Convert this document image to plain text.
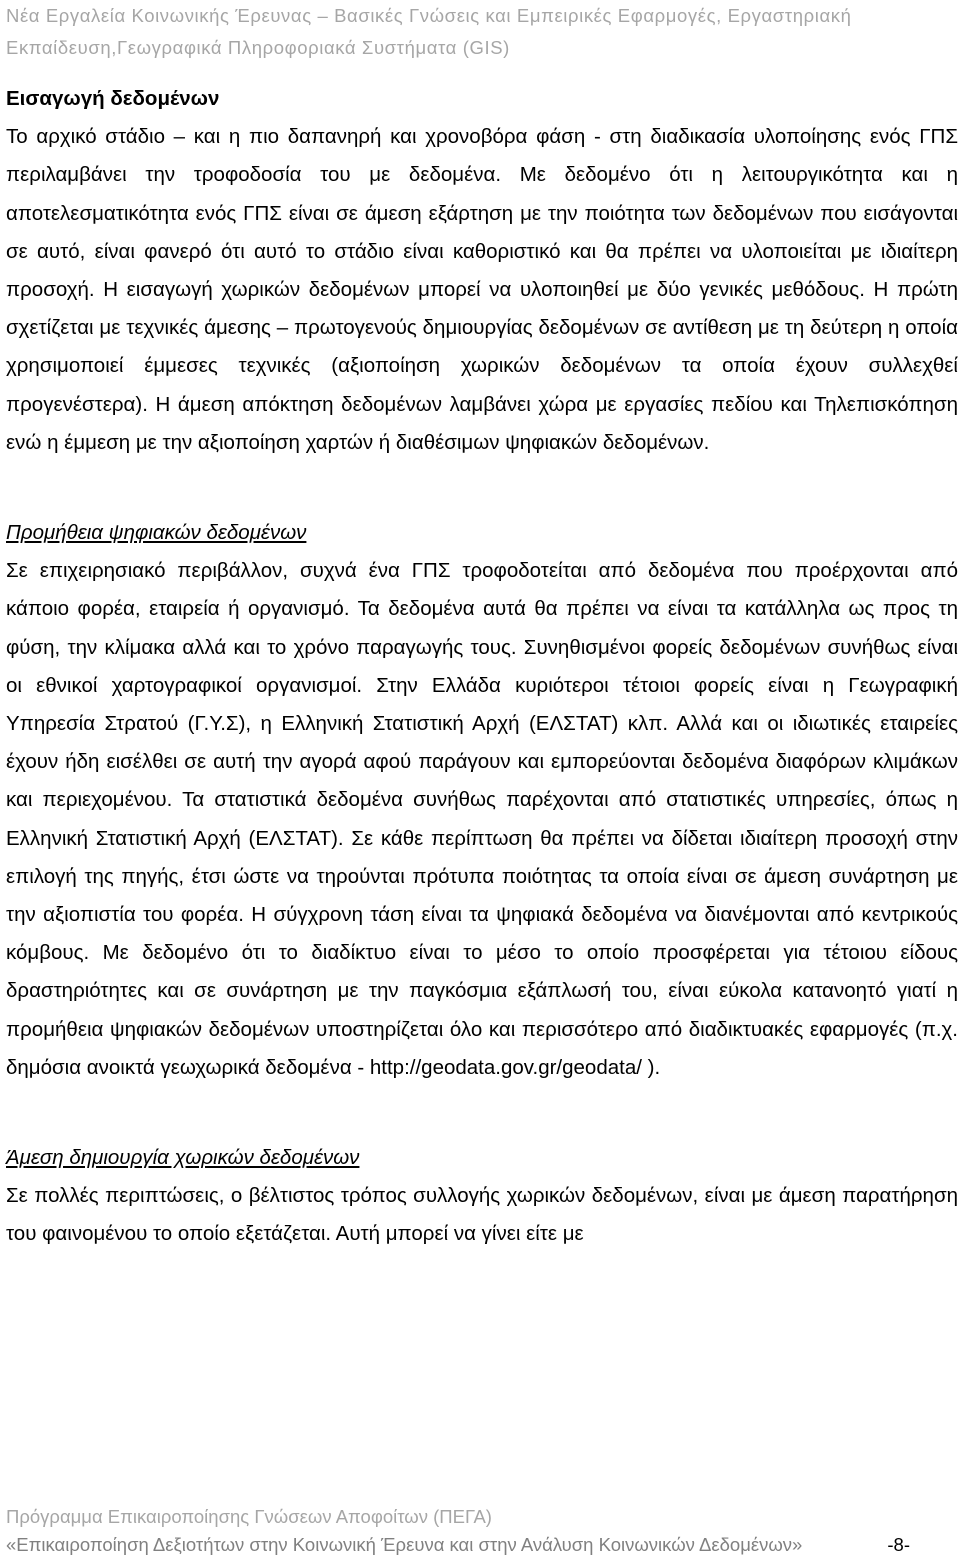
Νέα Εργαλεία Κοινωνικής Έρευνας – Βασικές Γνώσεις και Εμπειρικές Εφαρμογές, Εργαστηριακή
Εκπαίδευση,Γεωγραφικά Πληροφοριακά Συστήματα (GIS)

Εισαγωγή δεδομένων

Το αρχικό στάδιο – και η πιο δαπανηρή και χρονοβόρα φάση - στη διαδικασία υλοποίησης ενός ΓΠΣ περιλαμβάνει την τροφοδοσία του με δεδομένα. Με δεδομένο ότι η λειτουργικότητα και η αποτελεσματικότητα ενός ΓΠΣ είναι σε άμεση εξάρτηση με την ποιότητα των δεδομένων που εισάγονται σε αυτό, είναι φανερό ότι αυτό το στάδιο είναι καθοριστικό και θα πρέπει να υλοποιείται με ιδιαίτερη προσοχή. Η εισαγωγή χωρικών δεδομένων μπορεί να υλοποιηθεί με δύο γενικές μεθόδους. Η πρώτη σχετίζεται με τεχνικές άμεσης – πρωτογενούς δημιουργίας δεδομένων σε αντίθεση με τη δεύτερη η οποία χρησιμοποιεί έμμεσες τεχνικές (αξιοποίηση χωρικών δεδομένων τα οποία έχουν συλλεχθεί προγενέστερα). Η άμεση απόκτηση δεδομένων λαμβάνει χώρα με εργασίες πεδίου και Τηλεπισκόπηση ενώ η έμμεση με την αξιοποίηση χαρτών ή διαθέσιμων ψηφιακών δεδομένων.

Προμήθεια ψηφιακών δεδομένων

Σε επιχειρησιακό περιβάλλον, συχνά ένα ΓΠΣ τροφοδοτείται από δεδομένα που προέρχονται από κάποιο φορέα, εταιρεία ή οργανισμό. Τα δεδομένα αυτά θα πρέπει να είναι τα κατάλληλα ως προς τη φύση, την κλίμακα αλλά και το χρόνο παραγωγής τους. Συνηθισμένοι φορείς δεδομένων συνήθως είναι οι εθνικοί χαρτογραφικοί οργανισμοί. Στην Ελλάδα κυριότεροι τέτοιοι φορείς είναι η Γεωγραφική Υπηρεσία Στρατού (Γ.Υ.Σ), η Ελληνική Στατιστική Αρχή (ΕΛΣΤΑΤ) κλπ. Αλλά και οι ιδιωτικές εταιρείες έχουν ήδη εισέλθει σε αυτή την αγορά αφού παράγουν και εμπορεύονται δεδομένα διαφόρων κλιμάκων και περιεχομένου. Τα στατιστικά δεδομένα συνήθως παρέχονται από στατιστικές υπηρεσίες, όπως η Ελληνική Στατιστική Αρχή (ΕΛΣΤΑΤ). Σε κάθε περίπτωση θα πρέπει να δίδεται ιδιαίτερη προσοχή στην επιλογή της πηγής, έτσι ώστε να τηρούνται πρότυπα ποιότητας τα οποία είναι σε άμεση συνάρτηση με την αξιοπιστία του φορέα. Η σύγχρονη τάση είναι τα ψηφιακά δεδομένα να διανέμονται από κεντρικούς κόμβους. Με δεδομένο ότι το διαδίκτυο είναι το μέσο το οποίο προσφέρεται για τέτοιου είδους δραστηριότητες και σε συνάρτηση με την παγκόσμια εξάπλωσή του, είναι εύκολα κατανοητό γιατί η προμήθεια ψηφιακών δεδομένων υποστηρίζεται όλο και περισσότερο από διαδικτυακές εφαρμογές (π.χ. δημόσια ανοικτά γεωχωρικά δεδομένα - http://geodata.gov.gr/geodata/ ).

Άμεση δημιουργία χωρικών δεδομένων

Σε πολλές περιπτώσεις, ο βέλτιστος τρόπος συλλογής χωρικών δεδομένων, είναι με άμεση παρατήρηση του φαινομένου το οποίο εξετάζεται. Αυτή μπορεί να γίνει είτε με

Πρόγραμμα Επικαιροποίησης Γνώσεων Αποφοίτων (ΠΕΓΑ)
«Επικαιροποίηση Δεξιοτήτων στην Κοινωνική Έρευνα και στην Ανάλυση Κοινωνικών Δεδομένων»	-8-
